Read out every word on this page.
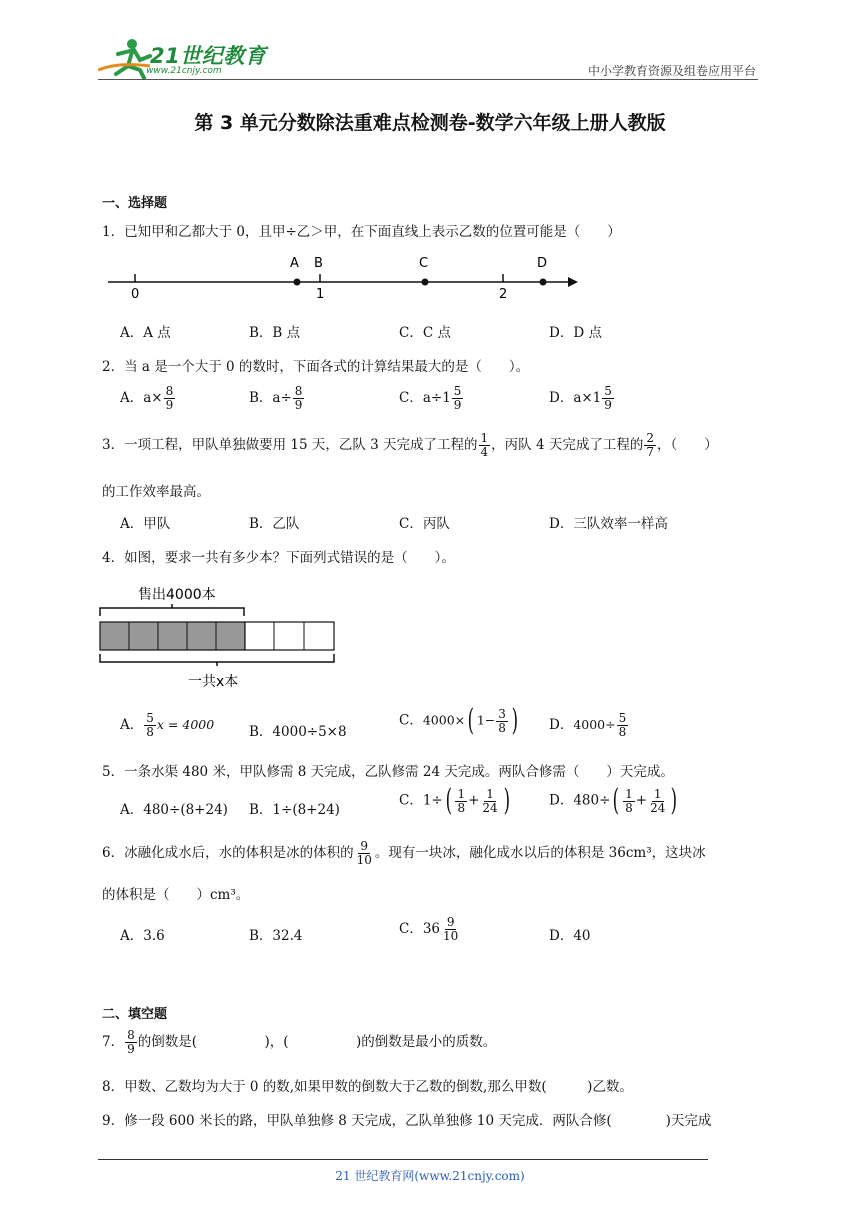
21世纪教育
www.21cnjy.com	中小学教育资源及组卷应用平台
第 3 单元分数除法重难点检测卷-数学六年级上册人教版
一、选择题
1．已知甲和乙都大于 0，且甲÷乙＞甲，在下面直线上表示乙数的位置可能是（　　）
0	1	2
A B	C	D
A．A 点	B．B 点	C．C 点	D．D 点
2．当 a 是一个大于 0 的数时，下面各式的计算结果最大的是（　　）。
A．$a\times \frac{8}{9}$	B．$a\div \frac{8}{9}$	C．$a\div 1 \frac{5}{9}$	D．$a\times 1 \frac{5}{9}$
3．一项工程，甲队单独做要用 15 天，乙队 3 天完成了工程的 $\frac{1}{4}$ ，丙队 4 天完成了工程的 $\frac{2}{7}$ ，（　　）
的工作效率最高。
A．甲队	B．乙队	C．丙队	D．三队效率一样高
4．如图，要求一共有多少本？下面列式错误的是（　　）。
售出4000本
一共x本
A． $\frac{5}{8}$ x = 4000	B．4000÷5×8
C．4000×( $1- \frac{3}{8}$ ) D．$4000\div \frac{5}{8}$
5．一条水渠 480 米，甲队修需 8 天完成，乙队修需 24 天完成。两队合修需（　　）天完成。
A．480÷(8+24) B．1÷(8+24)
C．$1\div( \frac{1}{8} + \frac{1}{24}$ )	D．$480\div( \frac{1}{8} + \frac{1}{24}$ )
6．冰融化成水后，水的体积是冰的体积的 $\frac{9}{10}$ 。现有一块冰，融化成水以后的体积是 36cm³，这块冰
的体积是（　　）cm³。
A．3.6	B．32.4	C．$36 \frac{9}{10}$	D．40
二、填空题
7． $\frac{8}{9}$ 的倒数是(　　　　　)，(　　　　　)的倒数是最小的质数。
8．甲数、乙数均为大于 0 的数,如果甲数的倒数大于乙数的倒数,那么甲数(　　　)乙数。
9．修一段 600 米长的路，甲队单独修 8 天完成，乙队单独修 10 天完成．两队合修(　　　　)天完成
21 世纪教育网(www.21cnjy.com)
